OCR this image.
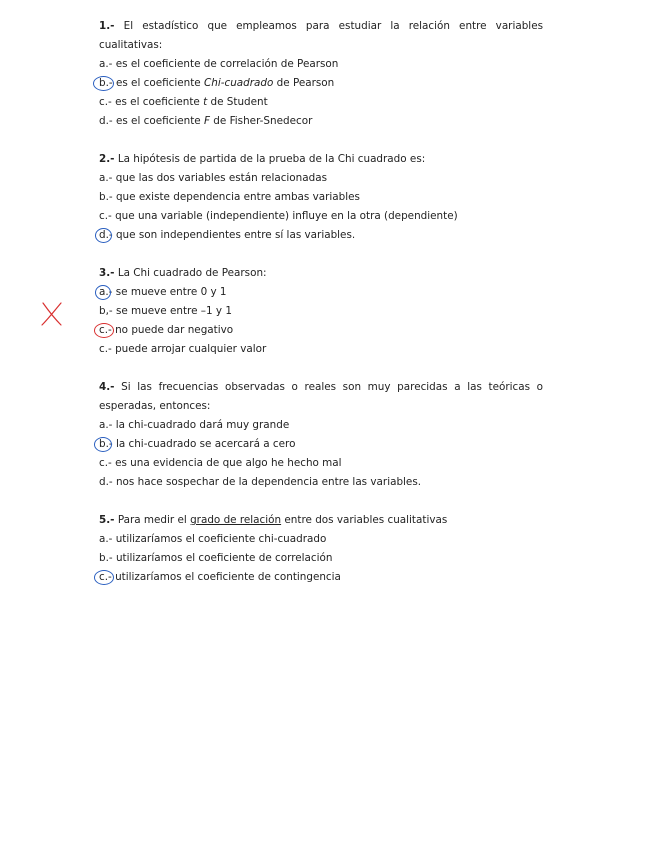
1.- El estadístico que empleamos para estudiar la relación entre variables
cualitativas:
a.- es el coeficiente de correlación de Pearson
b.- es el coeficiente Chi-cuadrado de Pearson
c.- es el coeficiente t de Student
d.- es el coeficiente F de Fisher-Snedecor
2.- La hipótesis de partida de la prueba de la Chi cuadrado es:
a.- que las dos variables están relacionadas
b.- que existe dependencia entre ambas variables
c.- que una variable (independiente) influye en la otra (dependiente)
d.- que son independientes entre sí las variables.
3.- La Chi cuadrado de Pearson:
a.- se mueve entre 0 y 1
b,- se mueve entre –1 y 1
c.- no puede dar negativo
c.- puede arrojar cualquier valor
4.- Si las frecuencias observadas o reales son muy parecidas a las teóricas o
esperadas, entonces:
a.- la chi-cuadrado dará muy grande
b.- la chi-cuadrado se acercará a cero
c.- es una evidencia de que algo he hecho mal
d.- nos hace sospechar de la dependencia entre las variables.
5.- Para medir el grado de relación entre dos variables cualitativas
a.- utilizaríamos el coeficiente chi-cuadrado
b.- utilizaríamos el coeficiente de correlación
c.- utilizaríamos el coeficiente de contingencia
